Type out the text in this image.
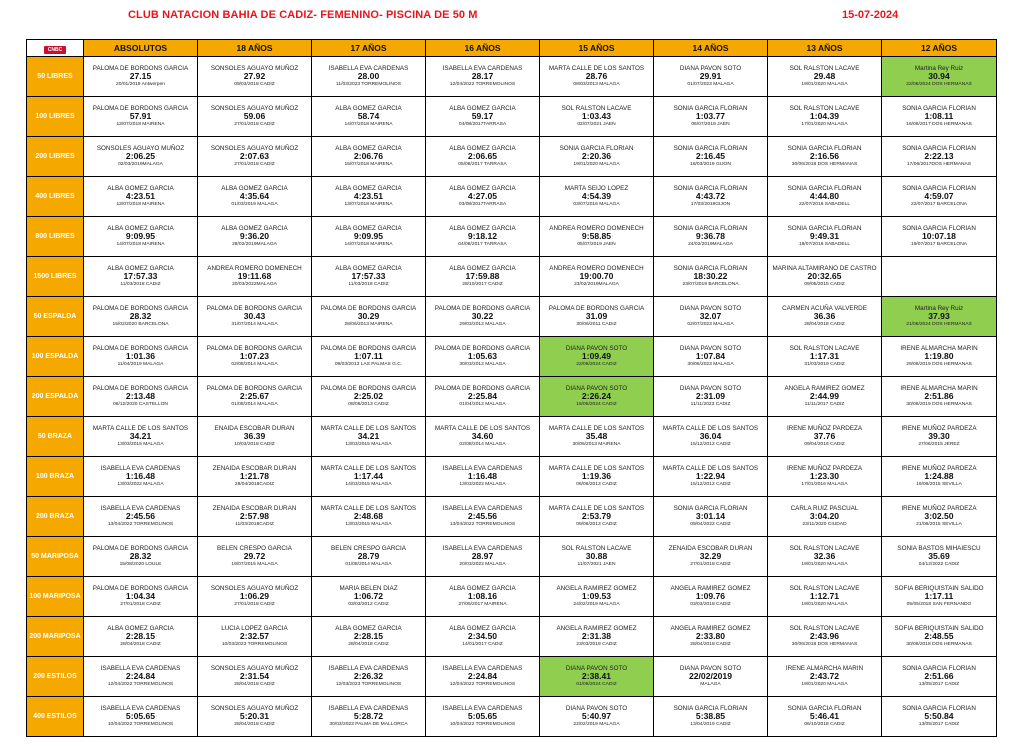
CLUB NATACION BAHIA DE CADIZ- FEMENINO- PISCINA DE 50 M	15-07-2024
CNBC	ABSOLUTOS	18 AÑOS	17 AÑOS	16 AÑOS	15 AÑOS	14 AÑOS	13 AÑOS	12 AÑOS
50 LIBRES	PALOMA DE BORDONS GARCIA
27.15
20/01/2019 Antwerpen	SONSOLES AGUAYO MUÑOZ
27.92
09/03/2018 CADIZ	ISABELLA EVA CARDENAS
28.00
11/03/2023 TORREMOLINOS	ISABELLA EVA CARDENAS
28.17
12/04/2022 TORREMOLINOS	MARTA CALLE DE LOS SANTOS
28.76
08/03/2013 MALAGA	DIANA PAVON SOTO
29.91
01/07/2023 MALAGA	SOL RALSTON LACAVE
29.48
19/01/2020 MALAGA	Martina Rey Ruiz
30.94
22/06/2024 DOS HERMANAS

100 LIBRES	PALOMA DE BORDONS GARCIA
57.91
13/07/2018 MAIRENA	SONSOLES AGUAYO MUÑOZ
59.06
27/01/2018 CADIZ	ALBA GOMEZ GARCIA
58.74
14/07/2018 MAIRENA	ALBA GOMEZ GARCIA
59.17
04/08/2017TARRASA	SOL RALSTON LACAVE
1:03.43
02/07/2021 JAEN	SONIA GARCIA FLORIAN
1:03.77
06/07/2019 JAEN	SOL RALSTON LACAVE
1:04.39
17/01/2020 MALAGA	SONIA GARCIA FLORIAN
1:08.11
16/06/2017 DOS HERMANAS

200 LIBRES	SONSOLES AGUAYO MUÑOZ
2:06.25
02/03/2019MALAGA	SONSOLES AGUAYO MUÑOZ
2:07.63
27/01/2018 CADIZ	ALBA GOMEZ GARCIA
2:06.76
15/07/2018 MAIRENA	ALBA GOMEZ GARCIA
2:06.65
05/08/2017 TARRASA	SONIA GARCIA FLORIAN
2:20.36
19/01/2020 MALAGA	SONIA GARCIA FLORIAN
2:16.45
16/03/2019 GIJON	SONIA GARCIA FLORIAN
2:16.56
30/06/2018 DOS HERMANAS	SONIA GARCIA FLORIAN
2:22.13
17/06/2017DOS HERMANAS

400 LIBRES	ALBA GOMEZ GARCIA
4:23.51
13/07/2018 MAIRENA	ALBA GOMEZ GARCIA
4:35.64
01/03/2019 MALAGA	ALBA GOMEZ GARCIA
4:23.51
13/07/2018 MAIRENA	ALBA GOMEZ GARCIA
4:27.05
03/08/2017TARRASA	MARTA SEIJO LOPEZ
4:54.39
03/07/2016 MALAGA	SONIA GARCIA FLORIAN
4:43.72
17/03/2019GIJON	SONIA GARCIA FLORIAN
4:44.80
22/07/2018 SABADELL	SONIA GARCIA FLORIAN
4:59.07
22/07/2017 BARCELONA

800 LIBRES	ALBA GOMEZ GARCIA
9:09.95
14/07/2018 MAIRENA	ALBA GOMEZ GARCIA
9:36.20
28/02/2019MALAGA	ALBA GOMEZ GARCIA
9:09.95
14/07/2018 MAIRENA	ALBA GOMEZ GARCIA
9:18.12
04/08/2017 TARRASA	ANDREA ROMERO DOMENECH
9:58.85
05/07/2019 JAEN	SONIA GARCIA FLORIAN
9:36.78
24/02/2019MALAGA	SONIA GARCIA FLORIAN
9:49.31
19/07/2018 SABADELL	SONIA GARCIA FLORIAN
10:07.18
19/07/2017 BARCELONA

1500 LIBRES	ALBA GOMEZ GARCIA
17:57.33
11/03/2018 CADIZ	ANDREA ROMERO DOMENECH
19:11.68
20/03/2022MALAGA	ALBA GOMEZ GARCIA
17:57.33
11/03/2018 CADIZ	ALBA GOMEZ GARCIA
17:59.88
28/10/2017 CADIZ	ANDREA ROMERO DOMENECH
19:00.70
23/02/2019MALAGA	SONIA GARCIA FLORIAN
18:30.22
23/07/2019 BARCELONA	MARINA ALTAMIRANO DE CASTRO
20:32.65
09/05/2015 CADIZ	

50 ESPALDA	PALOMA DE BORDONS GARCIA
28.32
15/02/2020 BARCELONA	PALOMA DE BORDONS GARCIA
30.43
31/07/2014 MALAGA	PALOMA DE BORDONS GARCIA
30.29
28/06/2013 MAIRENA	PALOMA DE BORDONS GARCIA
30.22
29/03/2012 MALAGA	PALOMA DE BORDONS GARCIA
31.09
30/06/2011 CADIZ	DIANA PAVON SOTO
32.07
02/07/2023 MALAGA	CARMEN ACUÑA VALVERDE
36.36
28/04/2018 CADIZ	Martina Rey Ruiz
37.93
21/06/2024 DOS HERMANAS

100 ESPALDA	PALOMA DE BORDONS GARCIA
1:01.36
11/04/2019 MALAGA	PALOMA DE BORDONS GARCIA
1:07.23
02/08/2014 MALAGA	PALOMA DE BORDONS GARCIA
1:07.11
09/03/2013 LAS PALMAS G.C.	PALOMA DE BORDONS GARCIA
1:05.63
30/03/2012 MALAGA	DIANA PAVON SOTO
1:09.49
22/06/2024 CADIZ	DIANA PAVON SOTO
1:07.84
30/06/2023 MALAGA	SOL RALSTON LACAVE
1:17.31
31/03/2019 CADIZ	IRENE ALMARCHA MARIN
1:19.80
29/06/2019 DOS HERMANAS

200 ESPALDA	PALOMA DE BORDONS GARCIA
2:13.48
06/12/2020 CASTELLON	PALOMA DE BORDONS GARCIA
2:25.67
01/08/2014 MALAGA	PALOMA DE BORDONS GARCIA
2:25.02
08/06/2013 CADIZ	PALOMA DE BORDONS GARCIA
2:25.84
01/04/2012 MALAGA	DIANA PAVON SOTO
2:26.24
15/05/2024 CADIZ	DIANA PAVON SOTO
2:31.09
11/11/2023 CADIZ	ANGELA RAMIREZ GOMEZ
2:44.99
11/11/2017 CADIZ	IRENE ALMARCHA MARIN
2:51.86
30/06/2019 DOS HERMANAS

50 BRAZA	MARTA CALLE DE LOS SANTOS
34.21
13/03/2015 MALAGA	ENAIDA ESCOBAR DURAN
36.39
10/03/2018 CADIZ	MARTA CALLE DE LOS SANTOS
34.21
13/03/2015 MALAGA	MARTA CALLE DE LOS SANTOS
34.60
02/08/2014 MALAGA	MARTA CALLE DE LOS SANTOS
35.48
30/06/2013 MAIRENA	MARTA CALLE DE LOS SANTOS
36.04
15/12/2012 CADIZ	IRENE MUÑOZ PARDEZA
37.76
09/04/2016 CADIZ	IRENE MUÑOZ PARDEZA
39.30
27/06/2015 JEREZ

100 BRAZA	ISABELLA EVA CARDENAS
1:16.48
13/03/2022 MALAGA	ZENAIDA ESCOBAR DURAN
1:21.78
28/04/2018CADIZ	MARTA CALLE DE LOS SANTOS
1:17.44
14/03/2015 MALAGA	ISABELLA EVA CARDENAS
1:16.48
13/03/2022 MALAGA	MARTA CALLE DE LOS SANTOS
1:19.36
06/06/2013 CADIZ	MARTA CALLE DE LOS SANTOS
1:22.94
15/12/2012 CADIZ	IRENE MUÑOZ PARDEZA
1:23.30
17/01/2016 MALAGA	IRENE MUÑOZ PARDEZA
1:24.88
19/06/2015 SEVILLA

200 BRAZA	ISABELLA EVA CARDENAS
2:45.56
13/04/2022 TORREMOLINOS	ZENAIDA ESCOBAR DURAN
2:57.98
11/03/2018CADIZ	MARTA CALLE DE LOS SANTOS
2:48.68
13/03/2015 MALAGA	ISABELLA EVA CARDENAS
2:45.56
13/04/2022 TORREMOLINOS	MARTA CALLE DE LOS SANTOS
2:53.79
09/06/2013 CADIZ	SONIA GARCIA FLORIAN
3:01.14
09/04/2022 CADIZ	CARLA RUIZ PASCUAL
3:04.20
23/11/2020 CIUDAD	IRENE MUÑOZ PARDEZA
3:02.50
21/06/2015 SEVILLA

50 MARIPOSA	PALOMA DE BORDONS GARCIA
28.32
15/08/2020 LOULE	BELEN CRESPO GARCIA
29.72
19/07/2015 MALAGA	BELEN CRESPO GARCIA
28.79
01/08/2014 MALAGA	ISABELLA EVA CARDENAS
28.97
20/03/2022 MALAGA	SOL RALSTON LACAVE
30.88
11/07/2021 JAEN	ZENAIDA ESCOBAR DURAN
32.29
27/01/2018 CADIZ	SOL RALSTON LACAVE
32.36
19/01/2020 MALAGA	SONIA BASTOS MIHAIESCU
35.69
04/12/2022 CADIZ

100 MARIPOSA	PALOMA DE BORDONS GARCIA
1:04.34
27/01/2018 CADIZ	SONSOLES AGUAYO MUÑOZ
1:06.29
27/01/2018 CADIZ	MARIA BELEN DIAZ
1:06.72
03/03/2012 CADIZ	ALBA GOMEZ GARCIA
1:08.16
27/05/2017 MAIRENA	ANGELA RAMIREZ GOMEZ
1:09.53
24/02/2019 MALAGA	ANGELA RAMIREZ GOMEZ
1:09.76
03/03/2018 CADIZ	SOL RALSTON LACAVE
1:12.71
19/01/2020 MALAGA	SOFIA BERIQUISTAIN SALIDO
1:17.11
05/05/2018 SAN FERNANDO

200 MARIPOSA	ALBA GOMEZ GARCIA
2:28.15
28/04/2018 CADIZ	LUCIA LOPEZ GARCIA
2:32.57
10/03/2023 TORREMOLINOS	ALBA GOMEZ GARCIA
2:28.15
28/04/2018 CADIZ	ALBA GOMEZ GARCIA
2:34.50
14/01/2017 CADIZ	ANGELA RAMIREZ GOMEZ
2:31.38
23/03/2019 CADIZ	ANGELA RAMIREZ GOMEZ
2:33.80
28/04/2018 CADIZ	SOL RALSTON LACAVE
2:43.96
30/06/2018 DOS HERMANAS	SOFIA BERIQUISTAIN SALIDO
2:48.55
30/06/2018 DOS HERMANAS

200 ESTILOS	ISABELLA EVA CARDENAS
2:24.84
12/04/2022 TORREMOLINOS	SONSOLES AGUAYO MUÑOZ
2:31.54
28/04/2018 CADIZ	ISABELLA EVA CARDENAS
2:26.32
12/03/2023 TORREMOLINOS	ISABELLA EVA CARDENAS
2:24.84
12/04/2022 TORREMOLINOS	DIANA PAVON SOTO
2:38.41
01/06/2024 CADIZ	DIANA PAVON SOTO
22/02/2019
MALAGA	IRENE ALMARCHA MARIN
2:43.72
19/01/2020 MALAGA	SONIA GARCIA FLORIAN
2:51.66
13/05/2017 CADIZ

400 ESTILOS	ISABELLA EVA CARDENAS
5:05.65
10/04/2022 TORREMOLINOS	SONSOLES AGUAYO MUÑOZ
5:20.31
28/04/2018 CADIZ	ISABELLA EVA CARDENAS
5:28.72
30/03/2023 PALMA DE MALLORCA	ISABELLA EVA CARDENAS
5:05.65
10/04/2022 TORREMOLINOS	DIANA PAVON SOTO
5:40.97
22/02/2019 MALAGA	SONIA GARCIA FLORIAN
5:38.85
13/04/2019 CADIZ	SONIA GARCIA FLORIAN
5:46.41
06/10/2018 CADIZ	SONIA GARCIA FLORIAN
5:50.84
13/05/2017 CADIZ
